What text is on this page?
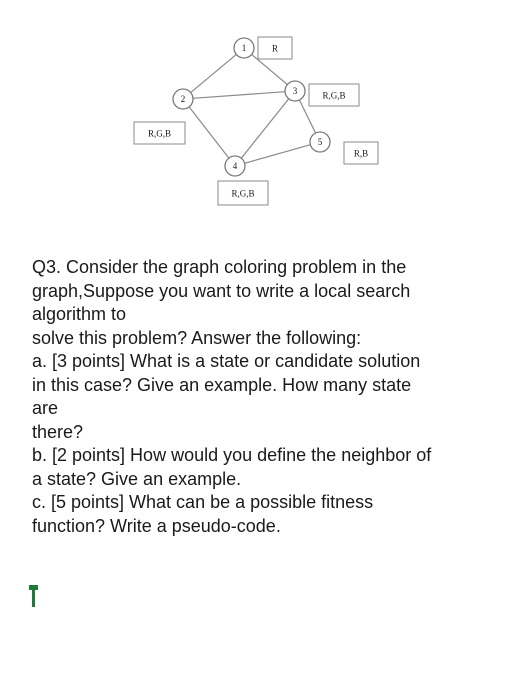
1
2
3
4
5
R
R,G,B
R,G,B
R,G,B
R,B
Q3. Consider the graph coloring problem in the
graph,Suppose you want to write a local search
algorithm to
solve this problem? Answer the following:
a. [3 points] What is a state or candidate solution
in this case? Give an example. How many state
are
there?
b. [2 points] How would you define the neighbor of
a state? Give an example.
c. [5 points] What can be a possible fitness
function? Write a pseudo-code.
